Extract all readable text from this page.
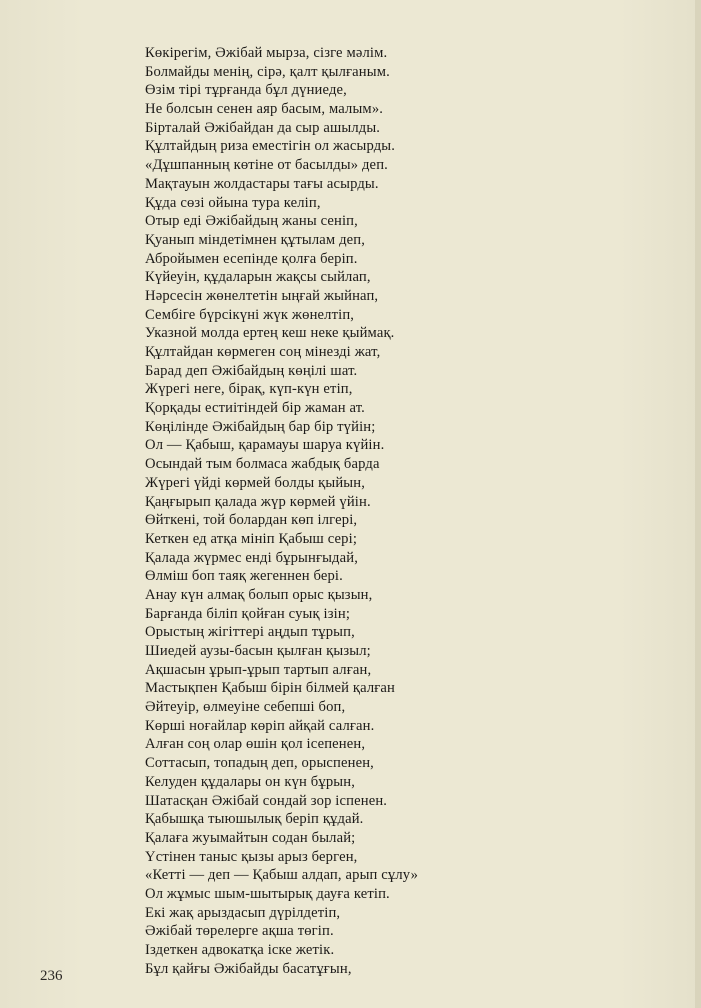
Көкірегім, Әжібай мырза, сізге мәлім.
Болмайды менің, сірә, қалт қылғаным.
Өзім тірі тұрғанда бұл дүниеде,
Не болсын сенен аяр басым, малым».
Бірталай Әжібайдан да сыр ашылды.
Құлтайдың риза еместігін ол жасырды.
«Дұшпанның көтіне от басылды» деп.
Мақтауын жолдастары тағы асырды.
Құда сөзі ойына тура келіп,
Отыр еді Әжібайдың жаны сеніп,
Қуанып міндетімнен құтылам деп,
Абройымен есепінде қолға беріп.
Күйеуін, құдаларын жақсы сыйлап,
Нәрсесін жөнелтетін ыңғай жыйнап,
Сембіге бүрсікүні жүк жөнелтіп,
Указной молда ертең кеш неке қыймақ.
Құлтайдан көрмеген соң мінезді жат,
Барад деп Әжібайдың көңілі шат.
Жүрегі неге, бірақ, күп-күн етіп,
Қорқады естиітіндей бір жаман ат.
Көңілінде Әжібайдың бар бір түйін;
Ол — Қабыш, қарамауы шаруа күйін.
Осындай тым болмаса жабдық барда
Жүрегі үйді көрмей болды қыйын,
Қаңғырып қалада жүр көрмей үйін.
Өйткені, той болардан көп ілгері,
Кеткен ед атқа мініп Қабыш сері;
Қалада жүрмес енді бұрынғыдай,
Өлміш боп таяқ жегеннен бері.
Анау күн алмақ болып орыс қызын,
Барғанда біліп қойған суық ізін;
Орыстың жігіттері аңдып тұрып,
Шиедей аузы-басын қылған қызыл;
Ақшасын ұрып-ұрып тартып алған,
Мастықпен Қабыш бірін білмей қалған
Әйтеуір, өлмеуіне себепші боп,
Көрші ноғайлар көріп айқай салған.
Алған соң олар өшін қол ісепенен,
Соттасып, топадың деп, орыспенен,
Келуден құдалары он күн бұрын,
Шатасқан Әжібай сондай зор іспенен.
Қабышқа тыюшылық беріп құдай.
Қалаға жуымайтын содан былай;
Үстінен таныс қызы арыз берген,
«Кетті — деп — Қабыш алдап, арып сұлу»
Ол жұмыс шым-шытырық дауға кетіп.
Екі жақ арыздасып дүрілдетіп,
Әжібай төрелерге ақша төгіп.
Іздеткен адвокатқа іске жетік.
Бұл қайғы Әжібайды басатұғын,
236
